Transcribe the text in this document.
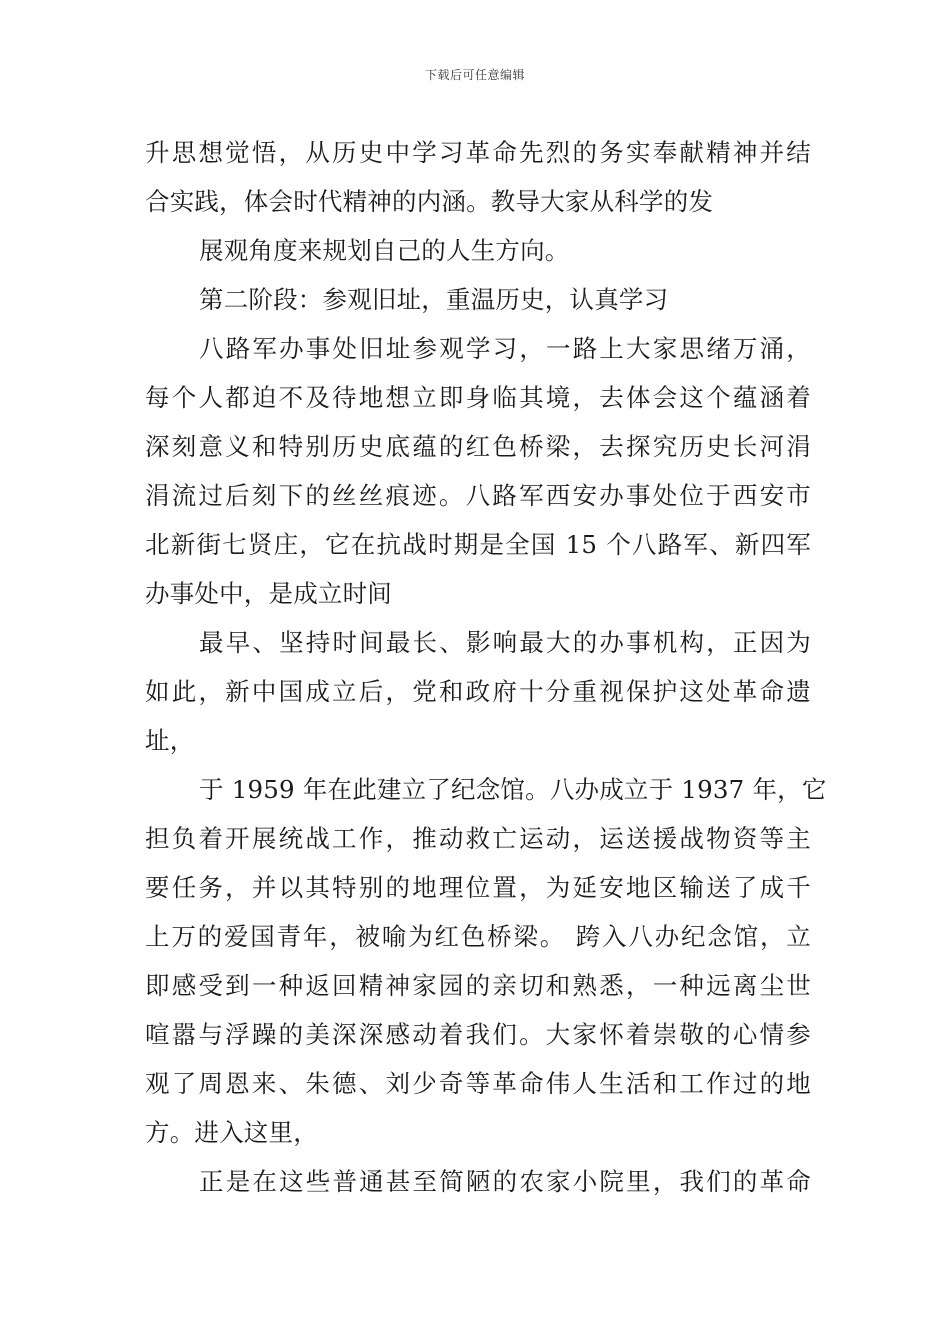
下载后可任意编辑
升思想觉悟，从历史中学习革命先烈的务实奉献精神并结
合实践，体会时代精神的内涵。教导大家从科学的发
展观角度来规划自己的人生方向。
第二阶段：参观旧址，重温历史，认真学习
八路军办事处旧址参观学习，一路上大家思绪万涌，
每个人都迫不及待地想立即身临其境，去体会这个蕴涵着
深刻意义和特别历史底蕴的红色桥梁，去探究历史长河涓
涓流过后刻下的丝丝痕迹。八路军西安办事处位于西安市
北新街七贤庄，它在抗战时期是全国 15 个八路军、新四军
办事处中，是成立时间
最早、坚持时间最长、影响最大的办事机构，正因为
如此，新中国成立后，党和政府十分重视保护这处革命遗
址，
于 1959 年在此建立了纪念馆。八办成立于 1937 年，它
担负着开展统战工作，推动救亡运动，运送援战物资等主
要任务，并以其特别的地理位置，为延安地区输送了成千
上万的爱国青年，被喻为红色桥梁。 跨入八办纪念馆，立
即感受到一种返回精神家园的亲切和熟悉，一种远离尘世
喧嚣与浮躁的美深深感动着我们。大家怀着崇敬的心情参
观了周恩来、朱德、刘少奇等革命伟人生活和工作过的地
方。进入这里，
正是在这些普通甚至简陋的农家小院里，我们的革命
